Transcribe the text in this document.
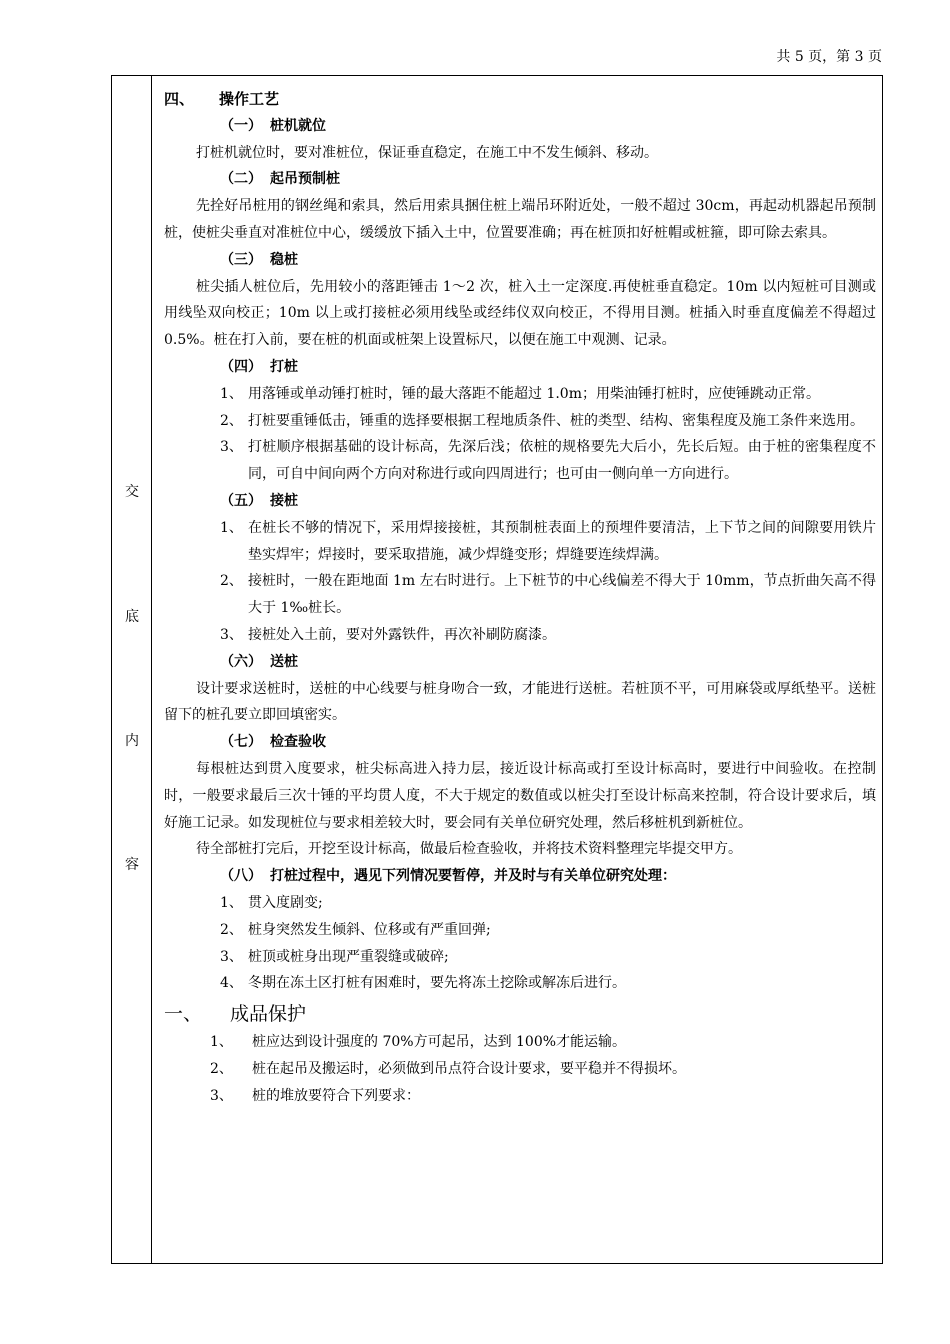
共 5 页，第 3 页
交
底
内
容
四、 操作工艺
（一） 桩机就位
打桩机就位时，要对准桩位，保证垂直稳定，在施工中不发生倾斜、移动。
（二） 起吊预制桩
先拴好吊桩用的钢丝绳和索具，然后用索具捆住桩上端吊环附近处，一般不超过 30cm，再起动机器起吊预制桩，使桩尖垂直对准桩位中心，缓缓放下插入土中，位置要准确；再在桩顶扣好桩帽或桩箍，即可除去索具。
（三） 稳桩
桩尖插人桩位后，先用较小的落距锤击 1～2 次，桩入土一定深度.再使桩垂直稳定。10m 以内短桩可目测或用线坠双向校正；10m 以上或打接桩必须用线坠或经纬仪双向校正，不得用目测。桩插入时垂直度偏差不得超过 0.5%。桩在打入前，要在桩的机面或桩架上设置标尺，以便在施工中观测、记录。
（四） 打桩
1、 用落锤或单动锤打桩时，锤的最大落距不能超过 1.0m；用柴油锤打桩时，应使锤跳动正常。
2、 打桩要重锤低击，锤重的选择要根据工程地质条件、桩的类型、结构、密集程度及施工条件来选用。
3、 打桩顺序根据基础的设计标高，先深后浅；依桩的规格要先大后小，先长后短。由于桩的密集程度不同，可自中间向两个方向对称进行或向四周进行；也可由一侧向单一方向进行。
（五） 接桩
1、 在桩长不够的情况下，采用焊接接桩，其预制桩表面上的预埋件要清洁，上下节之间的间隙要用铁片垫实焊牢；焊接时，要采取措施，减少焊缝变形；焊缝要连续焊满。
2、 接桩时，一般在距地面 1m 左右时进行。上下桩节的中心线偏差不得大于 10mm，节点折曲矢高不得大于 1‰桩长。
3、 接桩处入土前，要对外露铁件，再次补刷防腐漆。
（六） 送桩
设计要求送桩时，送桩的中心线要与桩身吻合一致，才能进行送桩。若桩顶不平，可用麻袋或厚纸垫平。送桩留下的桩孔要立即回填密实。
（七） 检查验收
每根桩达到贯入度要求，桩尖标高进入持力层，接近设计标高或打至设计标高时，要进行中间验收。在控制时，一般要求最后三次十锤的平均贯人度，不大于规定的数值或以桩尖打至设计标高来控制，符合设计要求后，填好施工记录。如发现桩位与要求相差较大时，要会同有关单位研究处理，然后移桩机到新桩位。
待全部桩打完后，开挖至设计标高，做最后检查验收，并将技术资料整理完毕提交甲方。
（八） 打桩过程中，遇见下列情况要暂停，并及时与有关单位研究处理：
1、 贯入度剧变;
2、 桩身突然发生倾斜、位移或有严重回弹;
3、 桩顶或桩身出现严重裂缝或破碎;
4、 冬期在冻土区打桩有困难时，要先将冻土挖除或解冻后进行。
一、 成品保护
1、	桩应达到设计强度的 70%方可起吊，达到 100%才能运输。
2、	桩在起吊及搬运时，必须做到吊点符合设计要求，要平稳并不得损坏。
3、	桩的堆放要符合下列要求：
